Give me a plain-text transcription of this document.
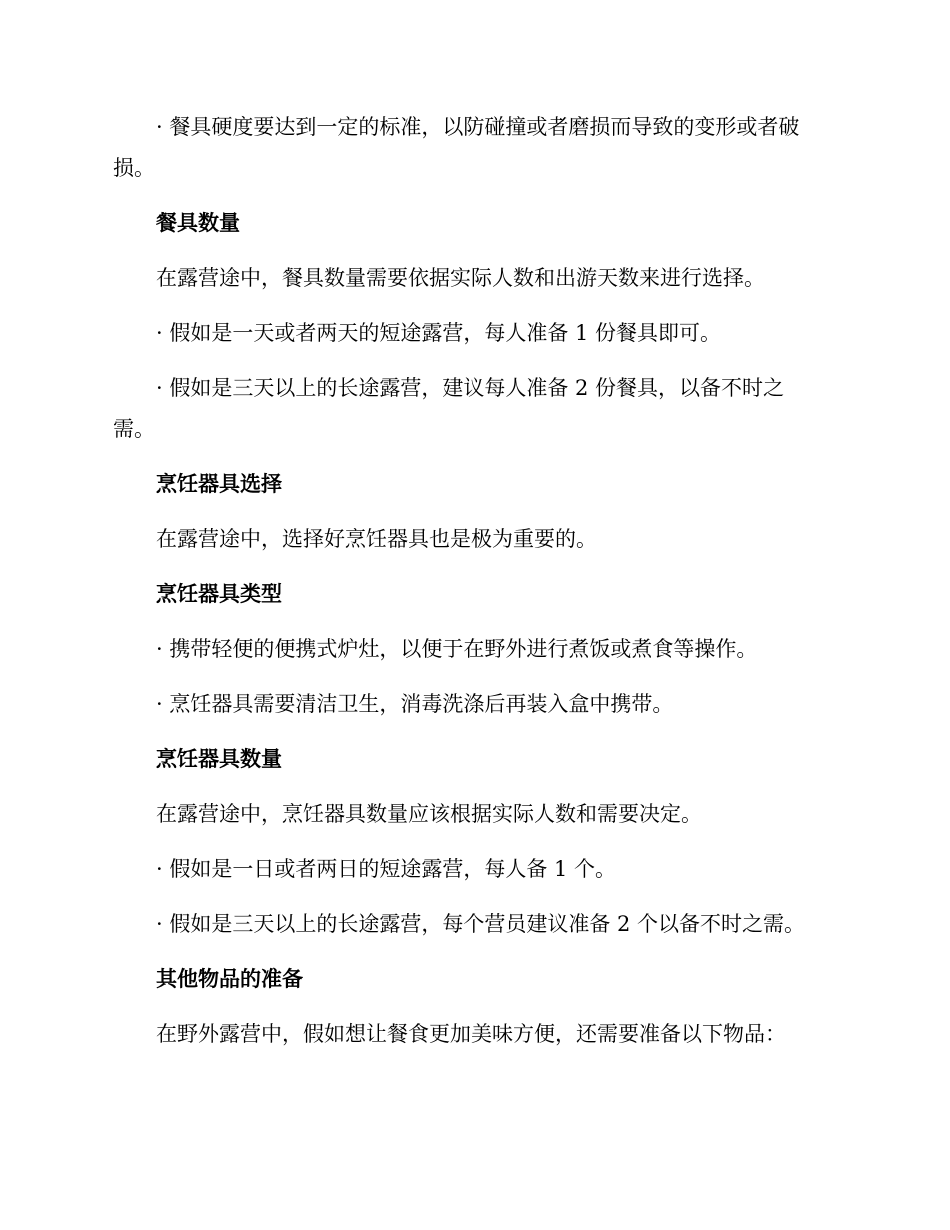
· 餐具硬度要达到一定的标准，以防碰撞或者磨损而导致的变形或者破损。

餐具数量

在露营途中，餐具数量需要依据实际人数和出游天数来进行选择。

· 假如是一天或者两天的短途露营，每人准备 1 份餐具即可。

· 假如是三天以上的长途露营，建议每人准备 2 份餐具，以备不时之需。

烹饪器具选择

在露营途中，选择好烹饪器具也是极为重要的。

烹饪器具类型

· 携带轻便的便携式炉灶，以便于在野外进行煮饭或煮食等操作。

· 烹饪器具需要清洁卫生，消毒洗涤后再装入盒中携带。

烹饪器具数量

在露营途中，烹饪器具数量应该根据实际人数和需要决定。

· 假如是一日或者两日的短途露营，每人备 1 个。

· 假如是三天以上的长途露营，每个营员建议准备 2 个以备不时之需。

其他物品的准备

在野外露营中，假如想让餐食更加美味方便，还需要准备以下物品：
